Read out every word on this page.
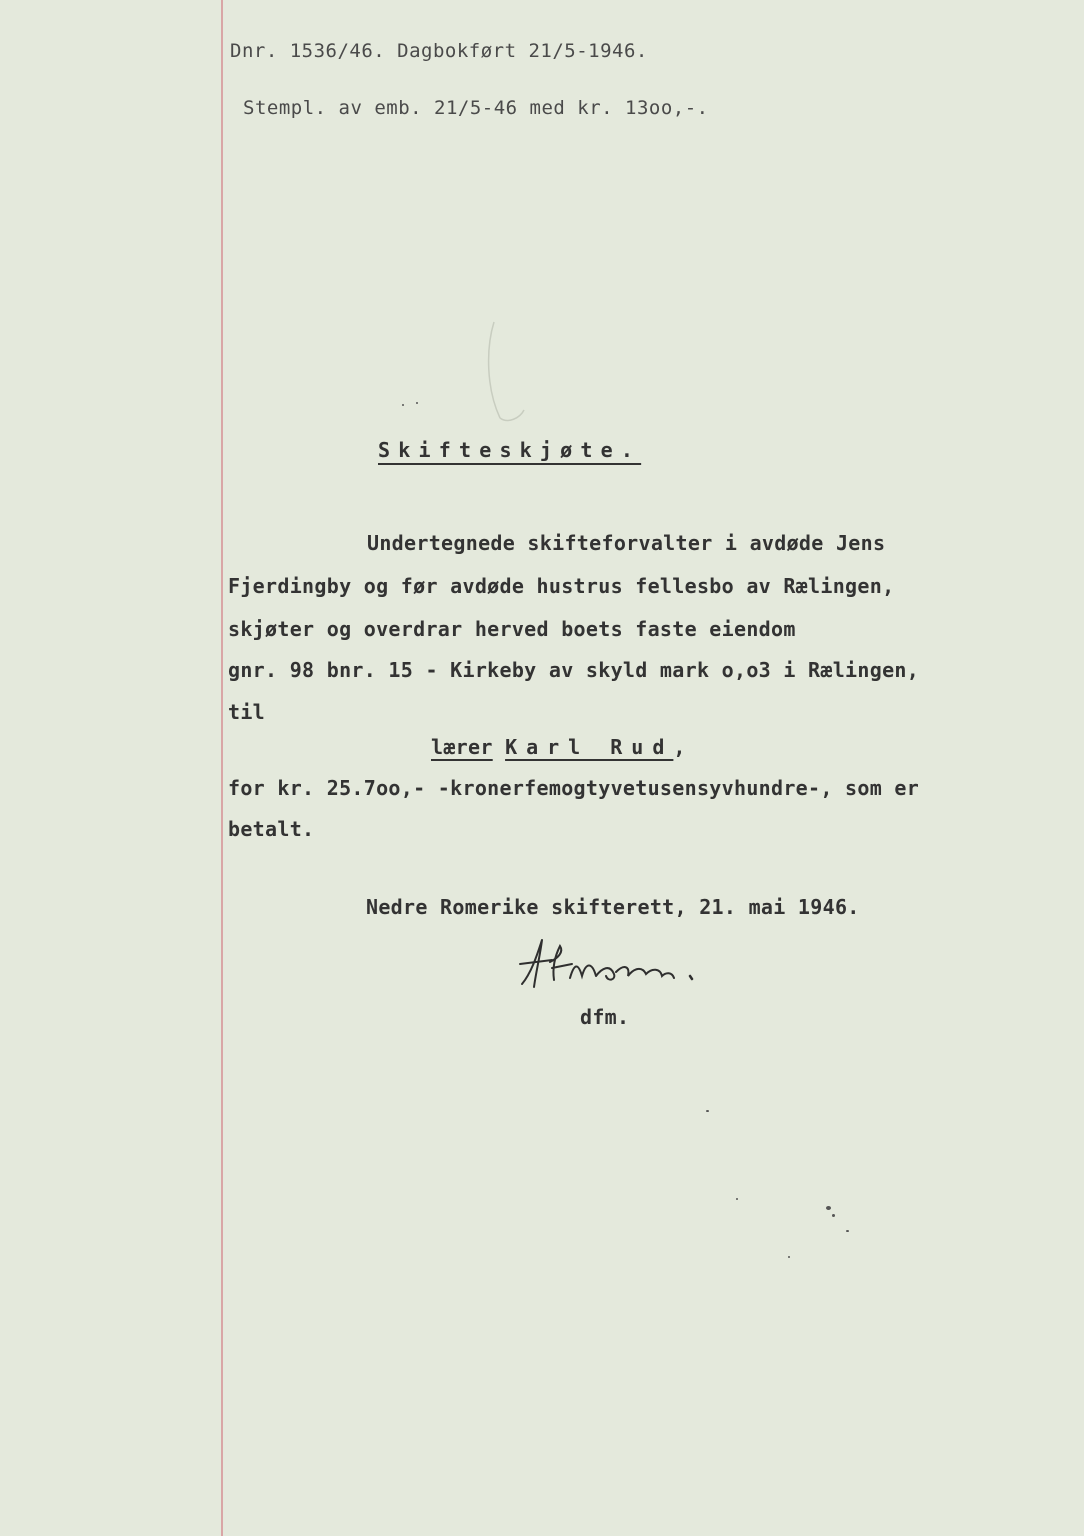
Dnr. 1536/46. Dagbokført 21/5-1946.
Stempl. av emb. 21/5-46 med kr. 13oo,-.
Skifteskjøte.
Undertegnede skifteforvalter i avdøde Jens
Fjerdingby og før avdøde hustrus fellesbo av Rælingen,
skjøter og overdrar herved boets faste eiendom
gnr. 98 bnr. 15 - Kirkeby av skyld mark o,o3 i Rælingen,
til
lærer Karl Rud,
for kr. 25.7oo,- -kronerfemogtyvetusensyvhundre-, som er
betalt.
Nedre Romerike skifterett, 21. mai 1946.
dfm.
